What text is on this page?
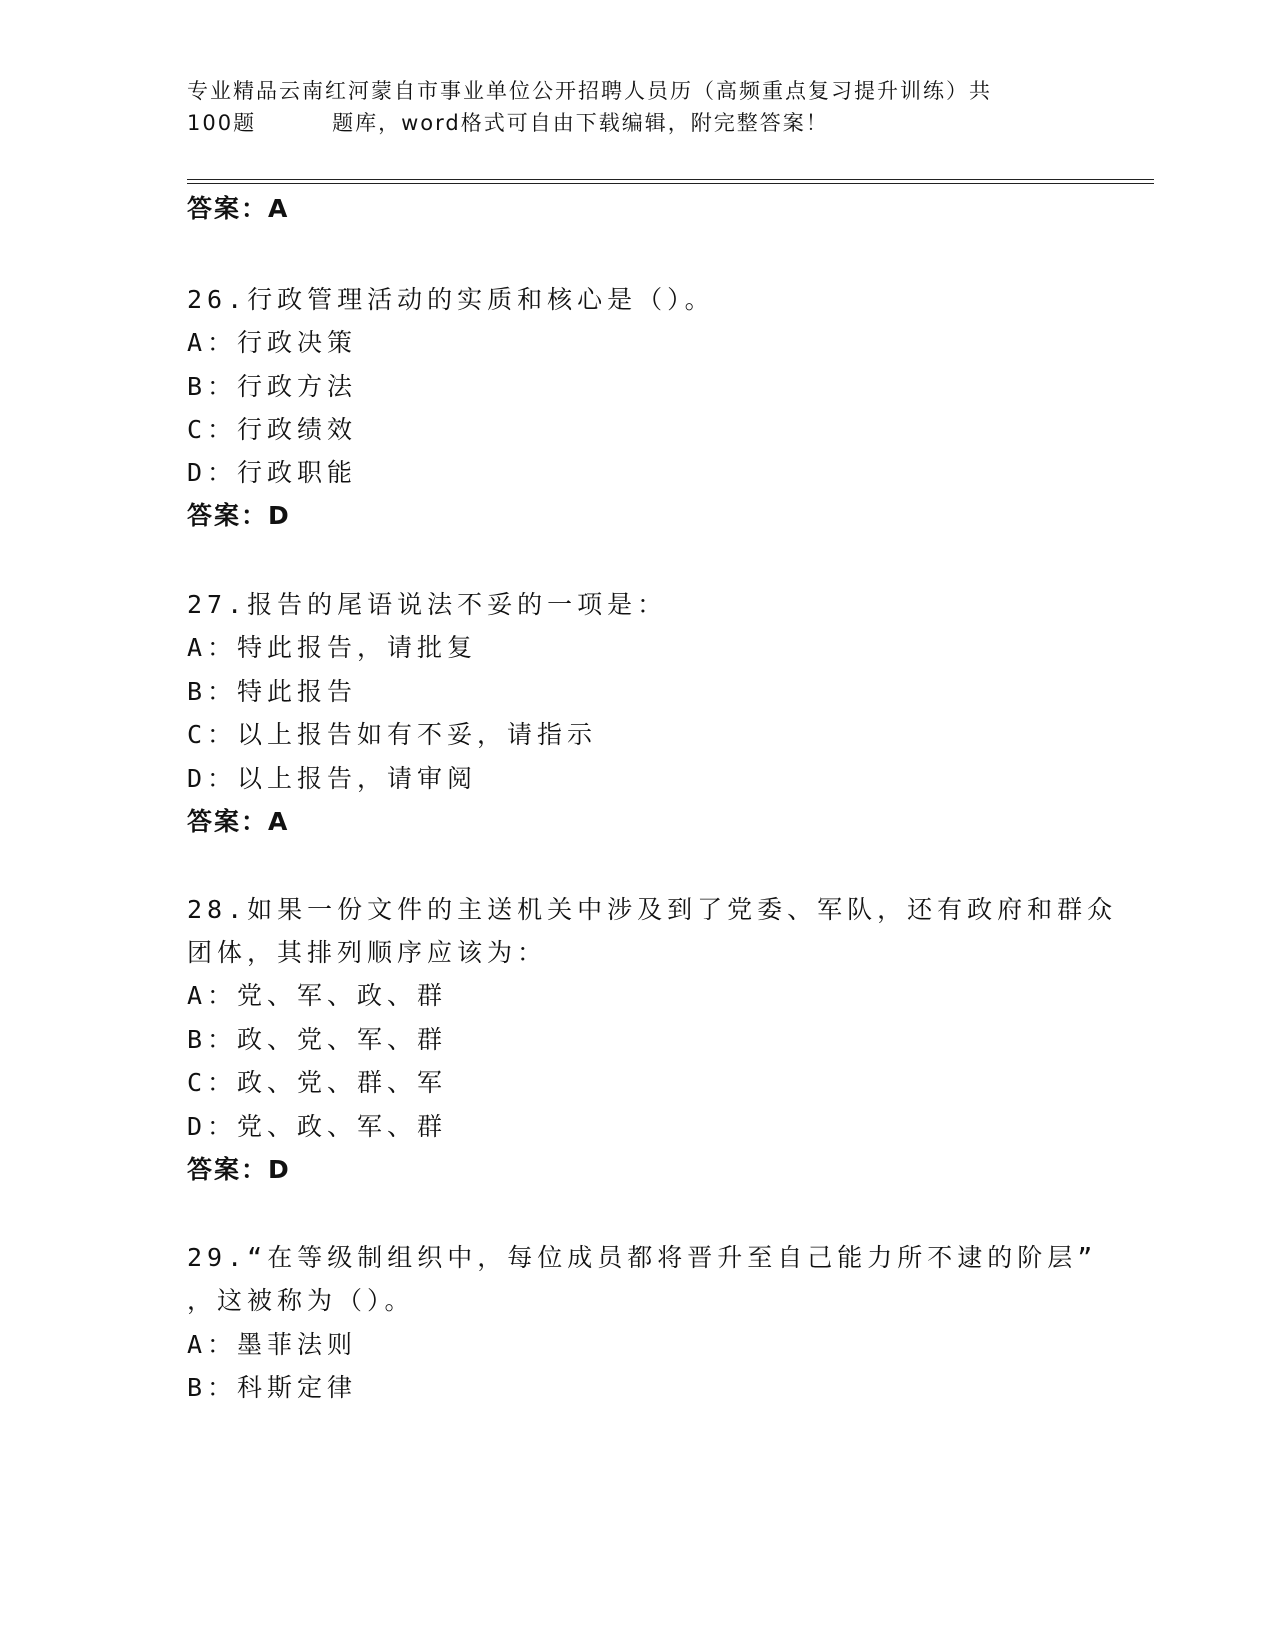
专业精品云南红河蒙自市事业单位公开招聘人员历（高频重点复习提升训练）共
100题	题库，word格式可自由下载编辑，附完整答案！
答案：A
26.行政管理活动的实质和核心是（）。
A：行政决策
B：行政方法
C：行政绩效
D：行政职能
答案：D
27.报告的尾语说法不妥的一项是：
A：特此报告，请批复
B：特此报告
C：以上报告如有不妥，请指示
D：以上报告，请审阅
答案：A
28.如果一份文件的主送机关中涉及到了党委、军队，还有政府和群众
团体，其排列顺序应该为：
A：党、军、政、群
B：政、党、军、群
C：政、党、群、军
D：党、政、军、群
答案：D
29.“在等级制组织中，每位成员都将晋升至自己能力所不逮的阶层”
，这被称为（）。
A：墨菲法则
B：科斯定律
